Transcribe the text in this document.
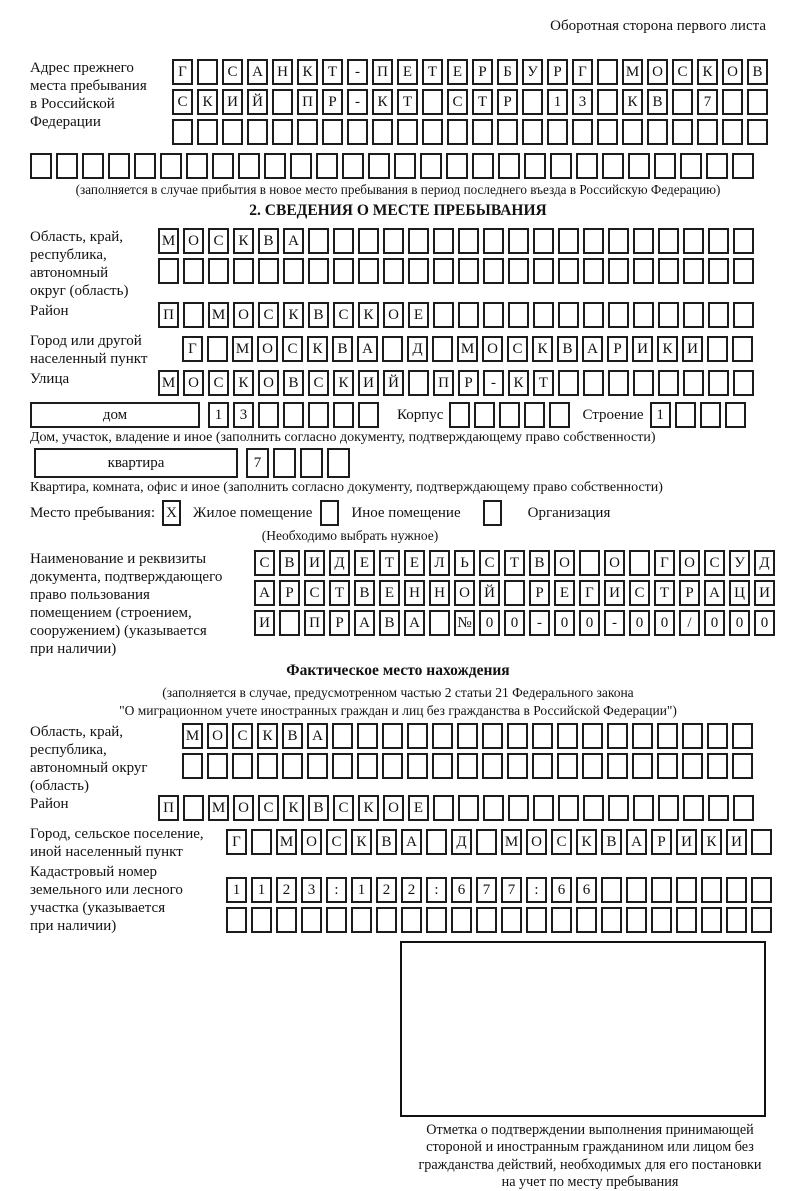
Оборотная сторона первого листа
Адрес прежнего
места пребывания
в Российской
Федерации
Г	С А Н К	Т	-	П Е	Т	Е	Р	Б	У	Р	Г	М О С К О В
С К И Й	П	Р	-	К	Т	С	Т	Р	1	3	К В	7
(заполняется в случае прибытия в новое место пребывания в период последнего въезда в Российскую Федерацию)
2. СВЕДЕНИЯ О МЕСТЕ ПРЕБЫВАНИЯ
Область, край,
республика,
автономный
округ (область)
М О С К В А
Район	П	М О С К В С К О Е
Город или другой
населенный пункт
Г	М О С К В А	Д	М О С К В А	Р	И К И
Улица	М О С К О В С К И Й	П	Р	-	К	Т
дом	1	3	Корпус	Строение 1
Дом, участок, владение и иное (заполнить согласно документу, подтверждающему право собственности)
квартира	7
Квартира, комната, офис и иное (заполнить согласно документу, подтверждающему право собственности)
Место пребывания: X Жилое помещение	Иное помещение	Организация
(Необходимо выбрать нужное)
Наименование и реквизиты
документа, подтверждающего
право пользования
помещением (строением,
сооружением) (указывается
при наличии)
С В И Д	Е	Т	Е	Л	Ь	С	Т	В О	О	Г	О С У Д
А	Р	С	Т	В	Е	Н Н О Й	Р	Е	Г	И С	Т	Р	А Ц И
И	П	Р	А В А	№ 0	0	-	0	0	-	0	0	/	0	0	0
Фактическое место нахождения
(заполняется в случае, предусмотренном частью 2 статьи 21 Федерального закона
"О миграционном учете иностранных граждан и лиц без гражданства в Российской Федерации")
Область, край,
республика,
автономный округ
(область)
М О С К В А
Район	П	М О С К В С К О Е
Город, сельское поселение,
иной населенный пункт
Г	М О С К В А	Д	М О С К В А	Р	И К И
Кадастровый номер
земельного или лесного
участка (указывается
при наличии)
1	1	2	3	:	1	2	2	:	6	7	7	:	6	6
Отметка о подтверждении выполнения принимающей
стороной и иностранным гражданином или лицом без
гражданства действий, необходимых для его постановки
на учет по месту пребывания
